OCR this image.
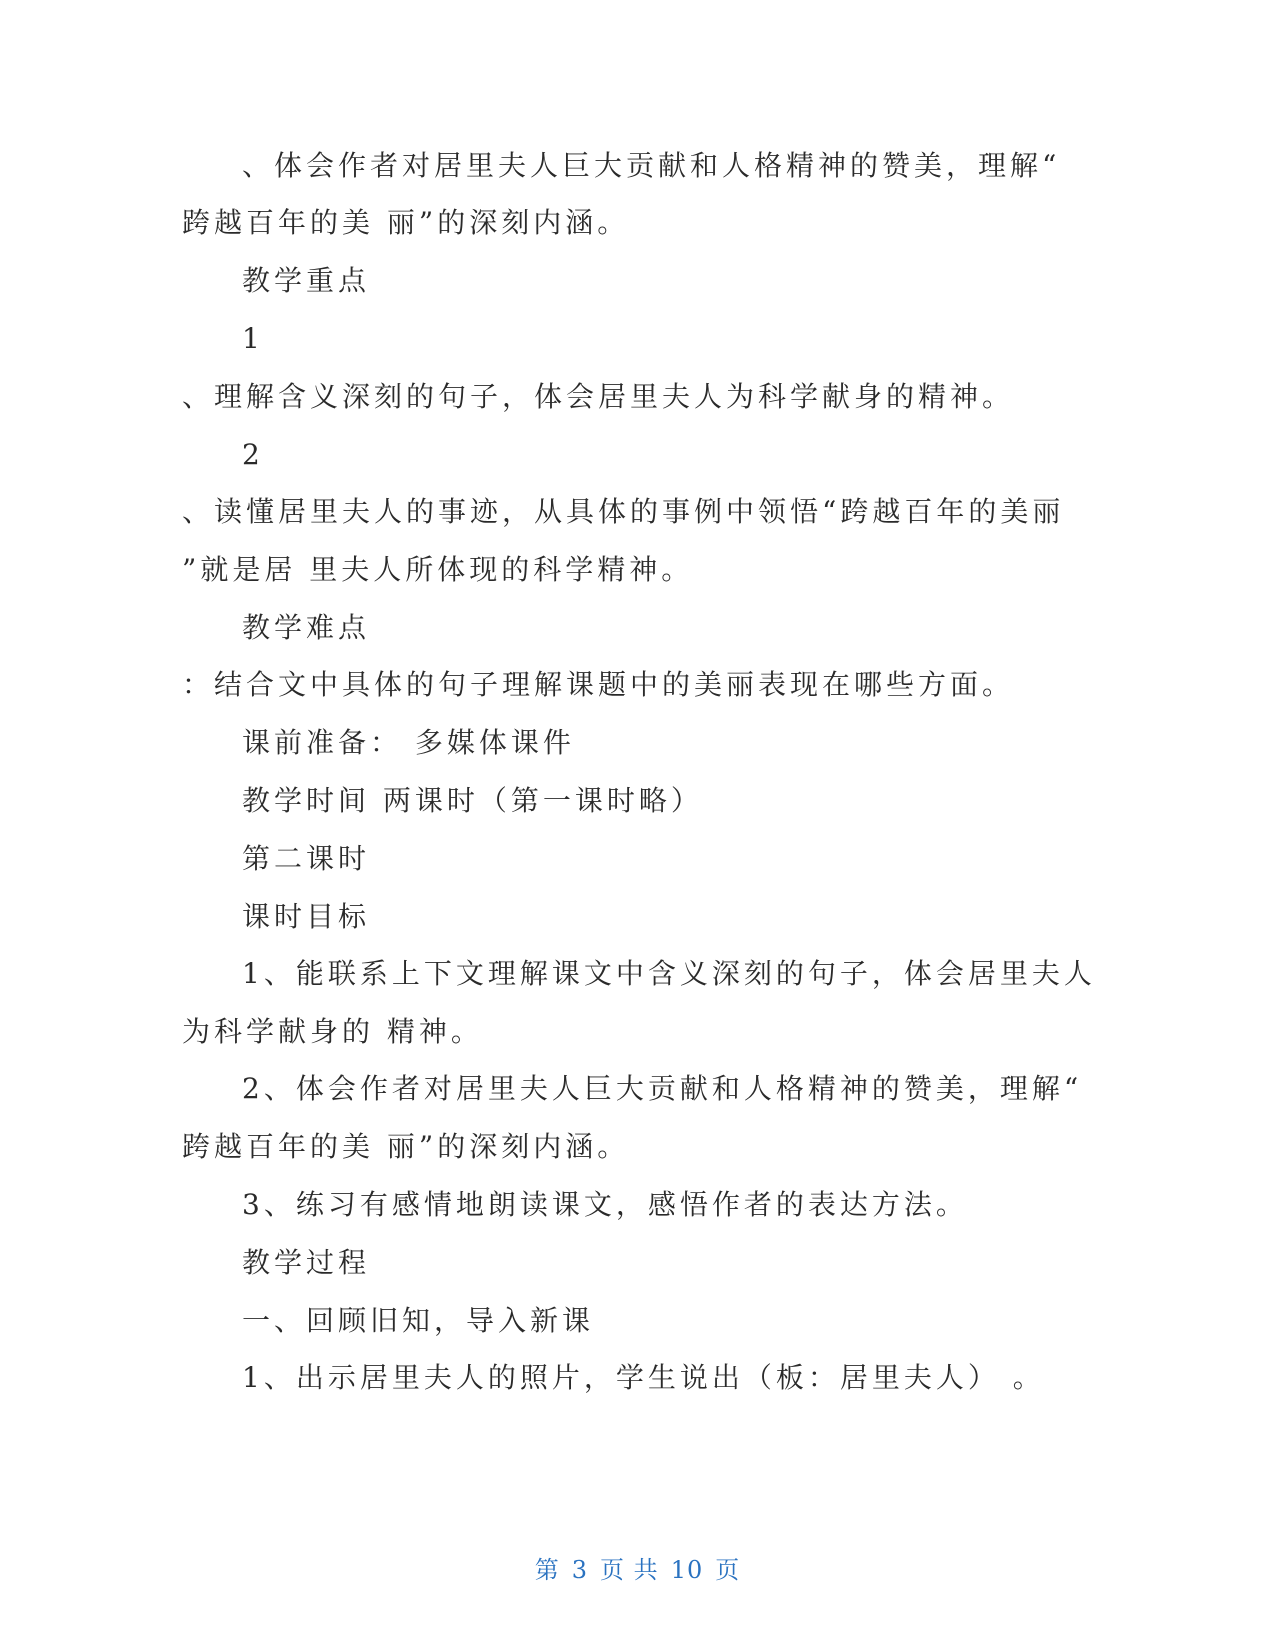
、体会作者对居里夫人巨大贡献和人格精神的赞美，理解“
跨越百年的美 丽”的深刻内涵。
教学重点
1
、理解含义深刻的句子，体会居里夫人为科学献身的精神。
2
、读懂居里夫人的事迹，从具体的事例中领悟“跨越百年的美丽
”就是居 里夫人所体现的科学精神。
教学难点
：结合文中具体的句子理解课题中的美丽表现在哪些方面。
课前准备： 多媒体课件
教学时间 两课时（第一课时略）
第二课时
课时目标
1、能联系上下文理解课文中含义深刻的句子，体会居里夫人
为科学献身的 精神。
2、体会作者对居里夫人巨大贡献和人格精神的赞美，理解“
跨越百年的美 丽”的深刻内涵。
3、练习有感情地朗读课文，感悟作者的表达方法。
教学过程
一、回顾旧知，导入新课
1、出示居里夫人的照片，学生说出（板：居里夫人） 。
第 3 页 共 10 页
